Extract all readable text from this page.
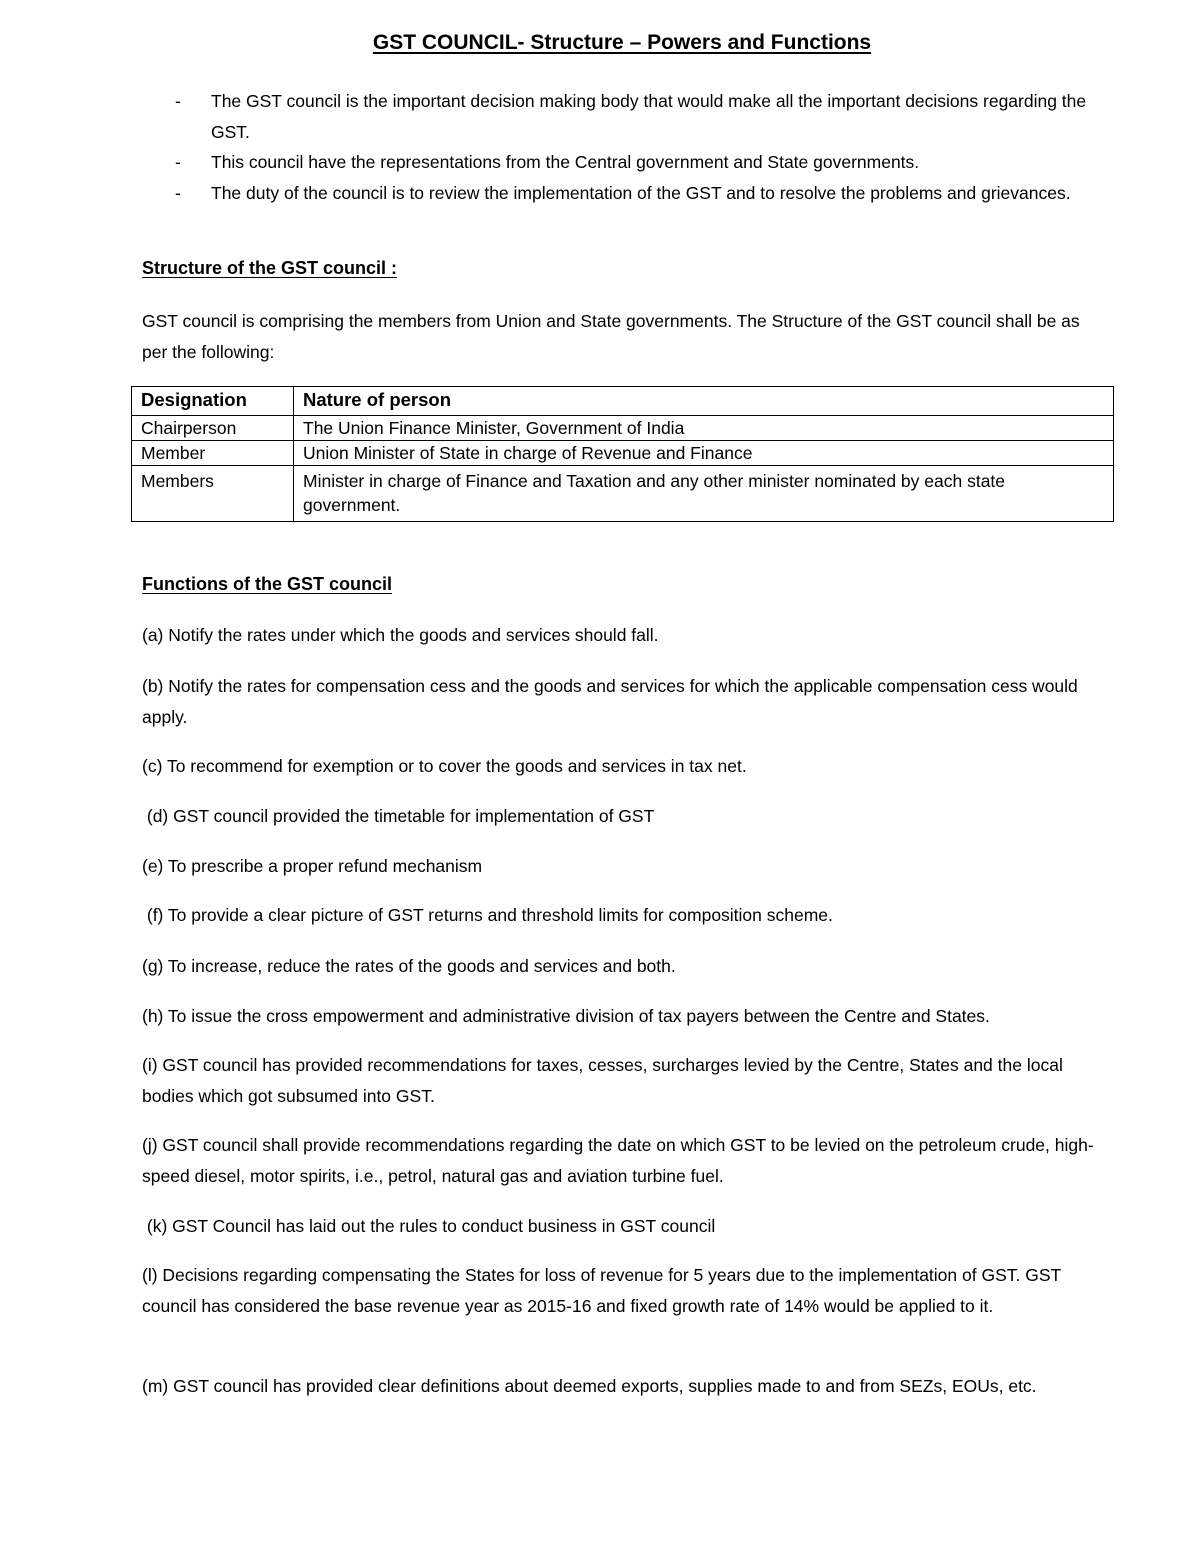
GST COUNCIL- Structure – Powers and Functions
- The GST council is the important decision making body that would make all the important decisions regarding the GST.
- This council have the representations from the Central government and State governments.
- The duty of the council is to review the implementation of the GST and to resolve the problems and grievances.
Structure of the GST council :

GST council is comprising the members from Union and State governments. The Structure of the GST council shall be as per the following:

Designation	Nature of person
Chairperson	The Union Finance Minister, Government of India
Member	Union Minister of State in charge of Revenue and Finance
Members	Minister in charge of Finance and Taxation and any other minister nominated by each state government.
Functions of the GST council

(a) Notify the rates under which the goods and services should fall.

(b) Notify the rates for compensation cess and the goods and services for which the applicable compensation cess would apply.

(c) To recommend for exemption or to cover the goods and services in tax net.

(d) GST council provided the timetable for implementation of GST

(e) To prescribe a proper refund mechanism

(f) To provide a clear picture of GST returns and threshold limits for composition scheme.

(g) To increase, reduce the rates of the goods and services and both.

(h) To issue the cross empowerment and administrative division of tax payers between the Centre and States.

(i) GST council has provided recommendations for taxes, cesses, surcharges levied by the Centre, States and the local bodies which got subsumed into GST.

(j) GST council shall provide recommendations regarding the date on which GST to be levied on the petroleum crude, high-speed diesel, motor spirits, i.e., petrol, natural gas and aviation turbine fuel.

(k) GST Council has laid out the rules to conduct business in GST council

(l) Decisions regarding compensating the States for loss of revenue for 5 years due to the implementation of GST. GST council has considered the base revenue year as 2015-16 and fixed growth rate of 14% would be applied to it.

(m) GST council has provided clear definitions about deemed exports, supplies made to and from SEZs, EOUs, etc.
